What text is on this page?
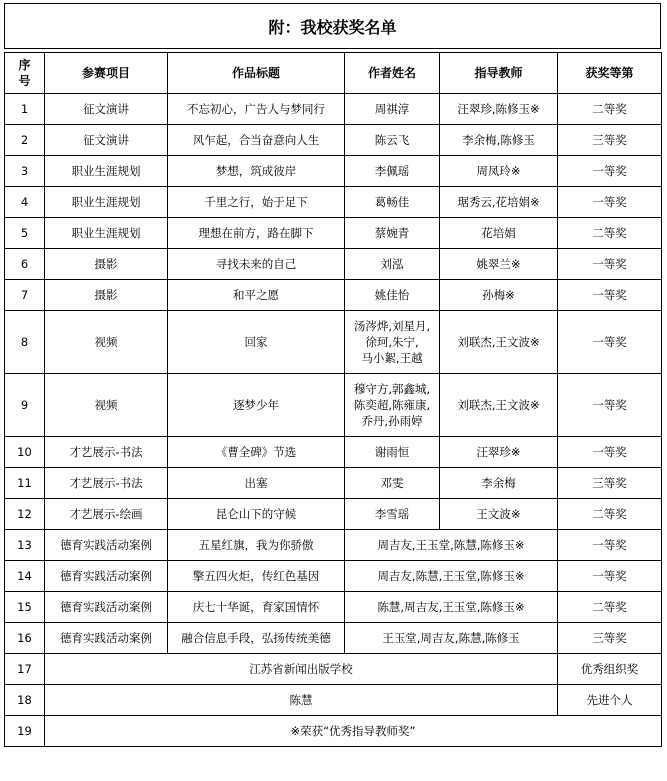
附：我校获奖名单
序
号	参赛项目	作品标题	作者姓名	指导教师	获奖等第
1	征文演讲	不忘初心，广告人与梦同行	周祺淳	汪翠珍,陈修玉※	二等奖
2	征文演讲	风乍起，合当奋意向人生	陈云飞	李余梅,陈修玉	三等奖
3	职业生涯规划	梦想，筑成彼岸	李佩瑶	周凤玲※	一等奖
4	职业生涯规划	千里之行，始于足下	葛畅佳	琚秀云,花培娟※	一等奖
5	职业生涯规划	理想在前方，路在脚下	蔡婉青	花培娟	二等奖
6	摄影	寻找未来的自己	刘泓	姚翠兰※	一等奖
7	摄影	和平之愿	姚佳怡	孙梅※	一等奖
8	视频	回家	汤涔烨,刘星月,
徐珂,朱宁,
马小絮,王越	刘联杰,王文波※	一等奖
9	视频	逐梦少年	穆守方,郭鑫城,
陈奕超,陈雍康,
乔丹,孙雨婷	刘联杰,王文波※	一等奖
10	才艺展示-书法	《曹全碑》节选	谢雨恒	汪翠珍※	一等奖
11	才艺展示-书法	出塞	邓雯	李余梅	三等奖
12	才艺展示-绘画	昆仑山下的守候	李雪瑶	王文波※	二等奖
13	德育实践活动案例	五星红旗，我为你骄傲	周吉友,王玉堂,陈慧,陈修玉※		一等奖
14	德育实践活动案例	擎五四火炬，传红色基因	周吉友,陈慧,王玉堂,陈修玉※		一等奖
15	德育实践活动案例	庆七十华诞，育家国情怀	陈慧,周吉友,王玉堂,陈修玉※		二等奖
16	德育实践活动案例	融合信息手段，弘扬传统美德	王玉堂,周吉友,陈慧,陈修玉		三等奖
17	江苏省新闻出版学校				优秀组织奖
18	陈慧				先进个人
19	※荣获“优秀指导教师奖”				
